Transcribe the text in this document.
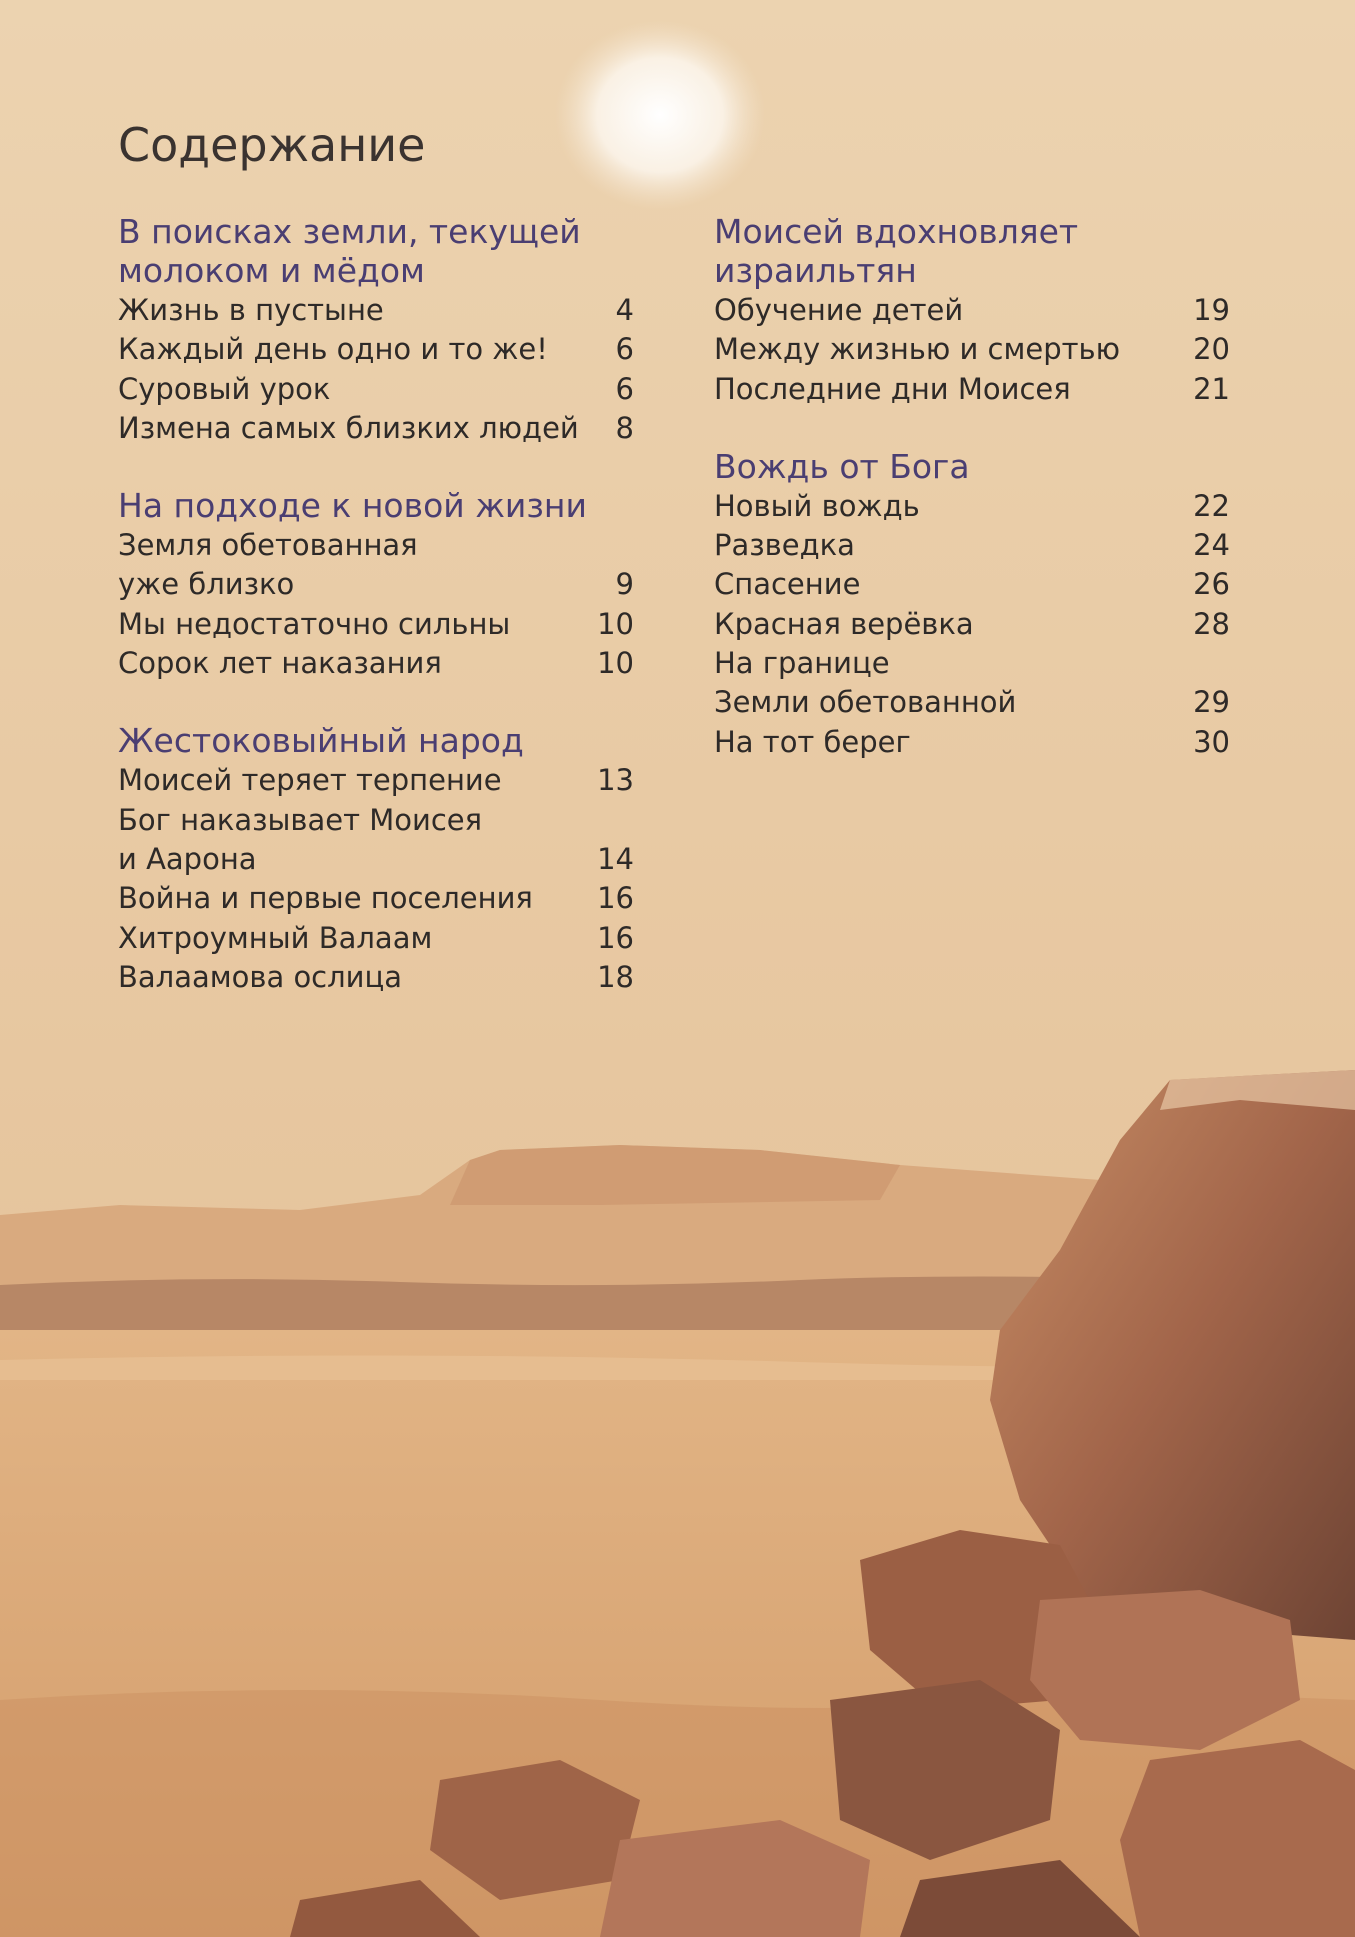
Содержание
В поисках земли, текущей молоком и мёдом
Жизнь в пустыне	4
Каждый день одно и то же!	6
Суровый урок	6
Измена самых близких людей	8
На подходе к новой жизни
Земля обетованная
уже близко	9
Мы недостаточно сильны	10
Сорок лет наказания	10
Жестоковыйный народ
Моисей теряет терпение	13
Бог наказывает Моисея
и Аарона	14
Война и первые поселения	16
Хитроумный Валаам	16
Валаамова ослица	18
Моисей вдохновляет израильтян
Обучение детей	19
Между жизнью и смертью	20
Последние дни Моисея	21
Вождь от Бога
Новый вождь	22
Разведка	24
Спасение	26
Красная верёвка	28
На границе
Земли обетованной	29
На тот берег	30
